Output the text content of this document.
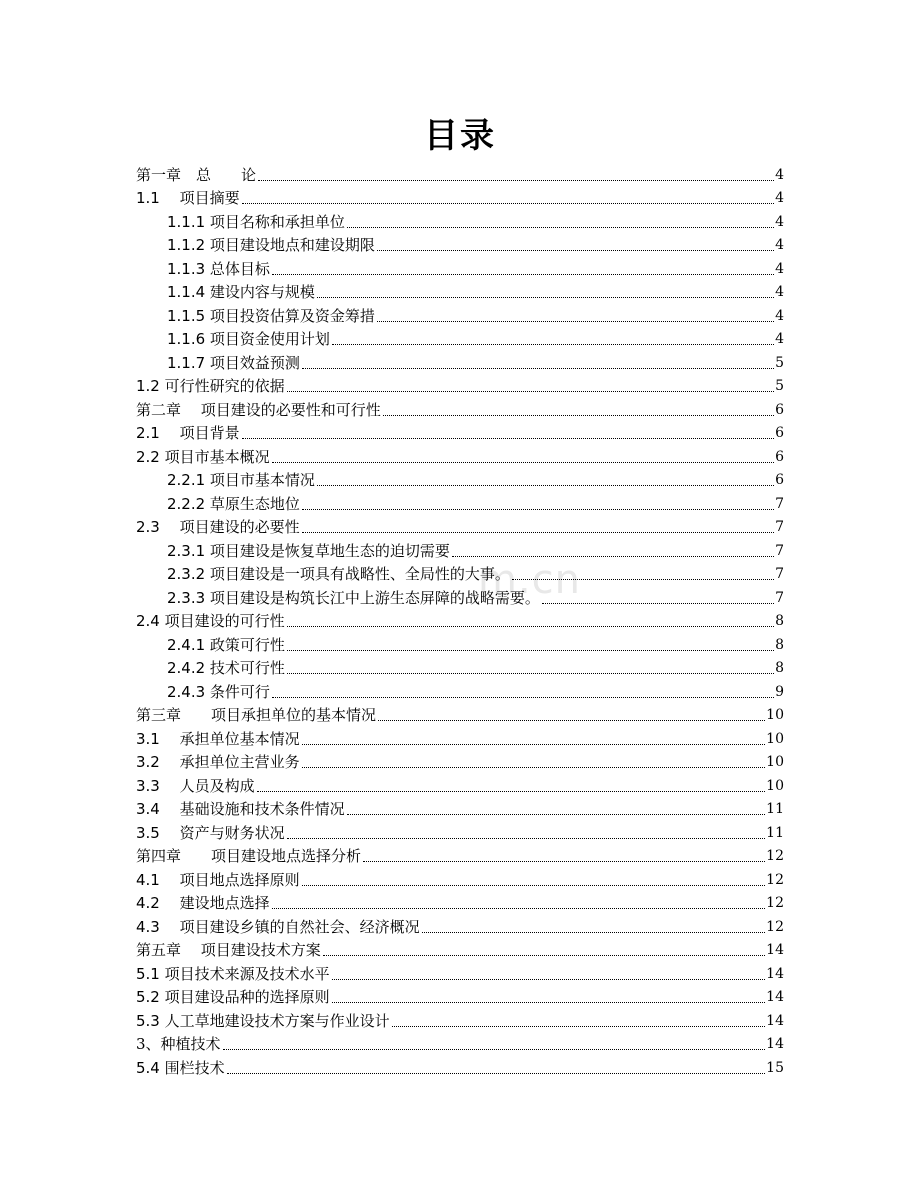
目录
m.cn
第一章　总　　论	4
1.1　 项目摘要	4
1.1.1 项目名称和承担单位	4
1.1.2 项目建设地点和建设期限	4
1.1.3 总体目标	4
1.1.4 建设内容与规模	4
1.1.5 项目投资估算及资金筹措	4
1.1.6 项目资金使用计划	4
1.1.7 项目效益预测	5
1.2 可行性研究的依据	5
第二章　 项目建设的必要性和可行性	6
2.1　 项目背景	6
2.2 项目市基本概况	6
2.2.1 项目市基本情况	6
2.2.2 草原生态地位	7
2.3　 项目建设的必要性	7
2.3.1 项目建设是恢复草地生态的迫切需要	7
2.3.2 项目建设是一项具有战略性、全局性的大事。	7
2.3.3 项目建设是构筑长江中上游生态屏障的战略需要。	7
2.4 项目建设的可行性	8
2.4.1 政策可行性	8
2.4.2 技术可行性	8
2.4.3 条件可行	9
第三章　　项目承担单位的基本情况	10
3.1　 承担单位基本情况	10
3.2　 承担单位主营业务	10
3.3　 人员及构成	10
3.4　 基础设施和技术条件情况	11
3.5　 资产与财务状况	11
第四章　　项目建设地点选择分析	12
4.1　 项目地点选择原则	12
4.2　 建设地点选择	12
4.3　 项目建设乡镇的自然社会、经济概况	12
第五章　 项目建设技术方案	14
5.1 项目技术来源及技术水平	14
5.2 项目建设品种的选择原则	14
5.3 人工草地建设技术方案与作业设计	14
3、种植技术	14
5.4 围栏技术	15
